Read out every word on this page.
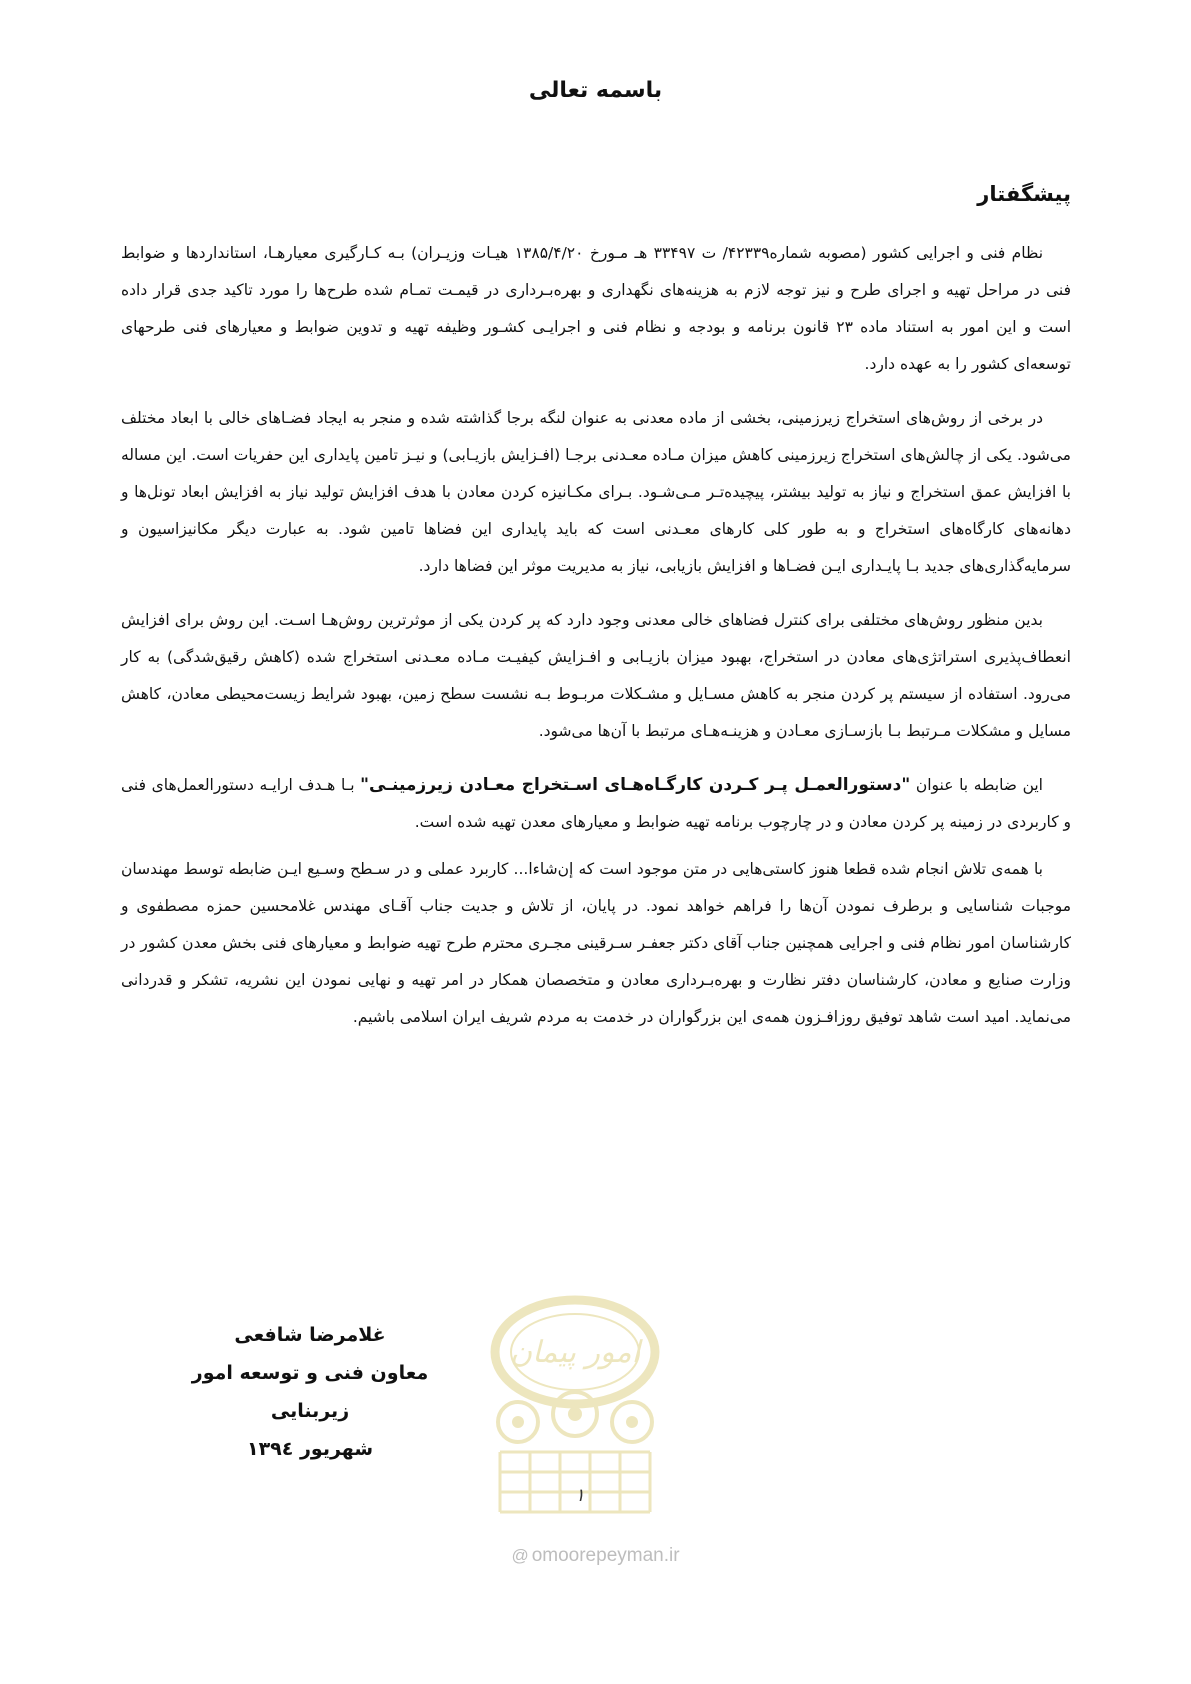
باسمه تعالی
پیشگفتار

نظام فنی و اجرایی کشور (مصوبه شماره۴۲۳۳۹/ ت ۳۳۴۹۷ هـ مـورخ ۱۳۸۵/۴/۲۰ هیـات وزیـران) بـه کـارگیری معیارهـا، استانداردها و ضوابط فنی در مراحل تهیه و اجرای طرح و نیز توجه لازم به هزینه‌های نگهداری و بهره‌بـرداری در قیمـت تمـام شده طرح‌ها را مورد تاکید جدی قرار داده است و این امور به استناد ماده ۲۳ قانون برنامه و بودجه و نظام فنی و اجرایـی کشـور وظیفه تهیه و تدوین ضوابط و معیارهای فنی طرحهای توسعه‌ای کشور را به عهده دارد.

در برخی از روش‌های استخراج زیرزمینی، بخشی از ماده معدنی به عنوان لنگه برجا گذاشته شده و منجر به ایجاد فضـاهای خالی با ابعاد مختلف می‌شود. یکی از چالش‌های استخراج زیرزمینی کاهش میزان مـاده معـدنی برجـا (افـزایش بازیـابی) و نیـز تامین پایداری این حفریات است. این مساله با افزایش عمق استخراج و نیاز به تولید بیشتر، پیچیده‌تـر مـی‌شـود. بـرای مکـانیزه کردن معادن با هدف افزایش تولید نیاز به افزایش ابعاد تونل‌ها و دهانه‌های کارگاه‌های استخراج و به طور کلی کارهای معـدنی است که باید پایداری این فضاها تامین شود. به عبارت دیگر مکانیزاسیون و سرمایه‌گذاری‌های جدید بـا پایـداری ایـن فضـاها و افزایش بازیابی، نیاز به مدیریت موثر این فضاها دارد.

بدین منظور روش‌های مختلفی برای کنترل فضاهای خالی معدنی وجود دارد که پر کردن یکی از موثرترین روش‌هـا اسـت. این روش برای افزایش انعطاف‌پذیری استراتژی‌های معادن در استخراج، بهبود میزان بازیـابی و افـزایش کیفیـت مـاده معـدنی استخراج شده (کاهش رقیق‌شدگی) به کار می‌رود. استفاده از سیستم پر کردن منجر به کاهش مسـایل و مشـکلات مربـوط بـه نشست سطح زمین، بهبود شرایط زیست‌محیطی معادن، کاهش مسایل و مشکلات مـرتبط بـا بازسـازی معـادن و هزینـه‌هـای مرتبط با آن‌ها می‌شود.

این ضابطه با عنوان "دستورالعمـل پـر کـردن کارگـاه‌هـای اسـتخراج معـادن زیرزمینـی" بـا هـدف ارایـه دستورالعمل‌های فنی و کاربردی در زمینه پر کردن معادن و در چارچوب برنامه تهیه ضوابط و معیارهای معدن تهیه شده است.

با همه‌ی تلاش انجام شده قطعا هنوز کاستی‌هایی در متن موجود است که إن‌شاءا... کاربرد عملی و در سـطح وسـیع ایـن ضابطه توسط مهندسان موجبات شناسایی و برطرف نمودن آن‌ها را فراهم خواهد نمود. در پایان، از تلاش و جدیت جناب آقـای مهندس غلامحسین حمزه مصطفوی و کارشناسان امور نظام فنی و اجرایی همچنین جناب آقای دکتر جعفـر سـرقینی مجـری محترم طرح تهیه ضوابط و معیارهای فنی بخش معدن کشور در وزارت صنایع و معادن، کارشناسان دفتر نظارت و بهره‌بـرداری معادن و متخصصان همکار در امر تهیه و نهایی نمودن این نشریه، تشکر و قدردانی می‌نماید. امید است شاهد توفیق روزافـزون همه‌ی این بزرگواران در خدمت به مردم شریف ایران اسلامی باشیم.

غلامرضا شافعی
معاون فنی و توسعه امور زیربنایی
شهریور ۱۳۹٤
امور پیمان
۱
@ omoorepeyman.ir
